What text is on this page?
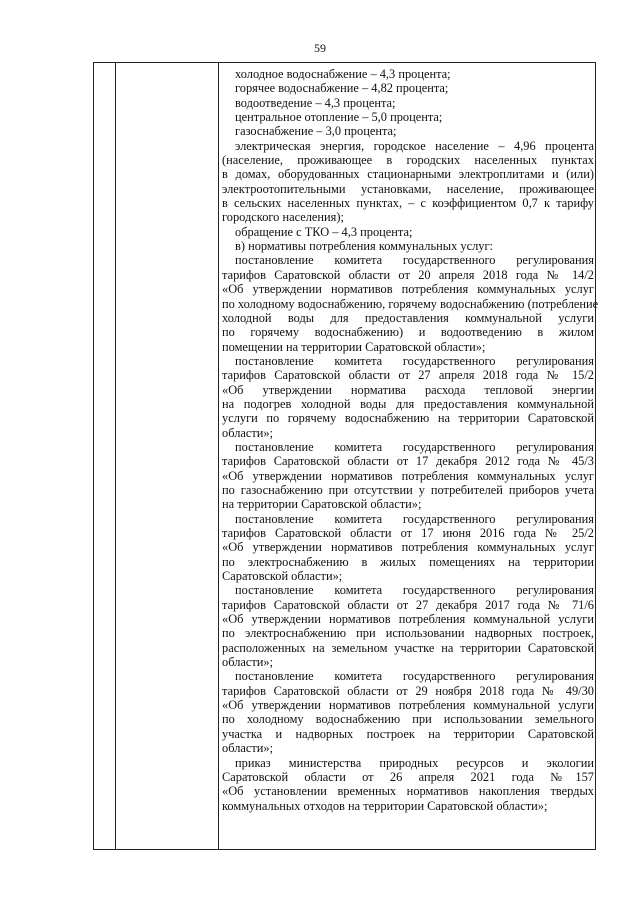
59
холодное водоснабжение – 4,3 процента;
горячее водоснабжение – 4,82 процента;
водоотведение – 4,3 процента;
центральное отопление – 5,0 процента;
газоснабжение – 3,0 процента;
электрическая энергия, городское население – 4,96 процента
(население, проживающее в городских населенных пунктах
в домах, оборудованных стационарными электроплитами и (или)
электроотопительными установками, население, проживающее
в сельских населенных пунктах, – с коэффициентом 0,7 к тарифу
городского населения);
обращение с ТКО – 4,3 процента;
в) нормативы потребления коммунальных услуг:
постановление комитета государственного регулирования
тарифов Саратовской области от 20 апреля 2018 года № 14/2
«Об утверждении нормативов потребления коммунальных услуг
по холодному водоснабжению, горячему водоснабжению (потребление
холодной воды для предоставления коммунальной услуги
по горячему водоснабжению) и водоотведению в жилом
помещении на территории Саратовской области»;
постановление комитета государственного регулирования
тарифов Саратовской области от 27 апреля 2018 года № 15/2
«Об утверждении норматива расхода тепловой энергии
на подогрев холодной воды для предоставления коммунальной
услуги по горячему водоснабжению на территории Саратовской
области»;
постановление комитета государственного регулирования
тарифов Саратовской области от 17 декабря 2012 года № 45/3
«Об утверждении нормативов потребления коммунальных услуг
по газоснабжению при отсутствии у потребителей приборов учета
на территории Саратовской области»;
постановление комитета государственного регулирования
тарифов Саратовской области от 17 июня 2016 года № 25/2
«Об утверждении нормативов потребления коммунальных услуг
по электроснабжению в жилых помещениях на территории
Саратовской области»;
постановление комитета государственного регулирования
тарифов Саратовской области от 27 декабря 2017 года № 71/6
«Об утверждении нормативов потребления коммунальной услуги
по электроснабжению при использовании надворных построек,
расположенных на земельном участке на территории Саратовской
области»;
постановление комитета государственного регулирования
тарифов Саратовской области от 29 ноября 2018 года № 49/30
«Об утверждении нормативов потребления коммунальной услуги
по холодному водоснабжению при использовании земельного
участка и надворных построек на территории Саратовской
области»;
приказ министерства природных ресурсов и экологии
Саратовской области от 26 апреля 2021 года №157
«Об установлении временных нормативов накопления твердых
коммунальных отходов на территории Саратовской области»;
